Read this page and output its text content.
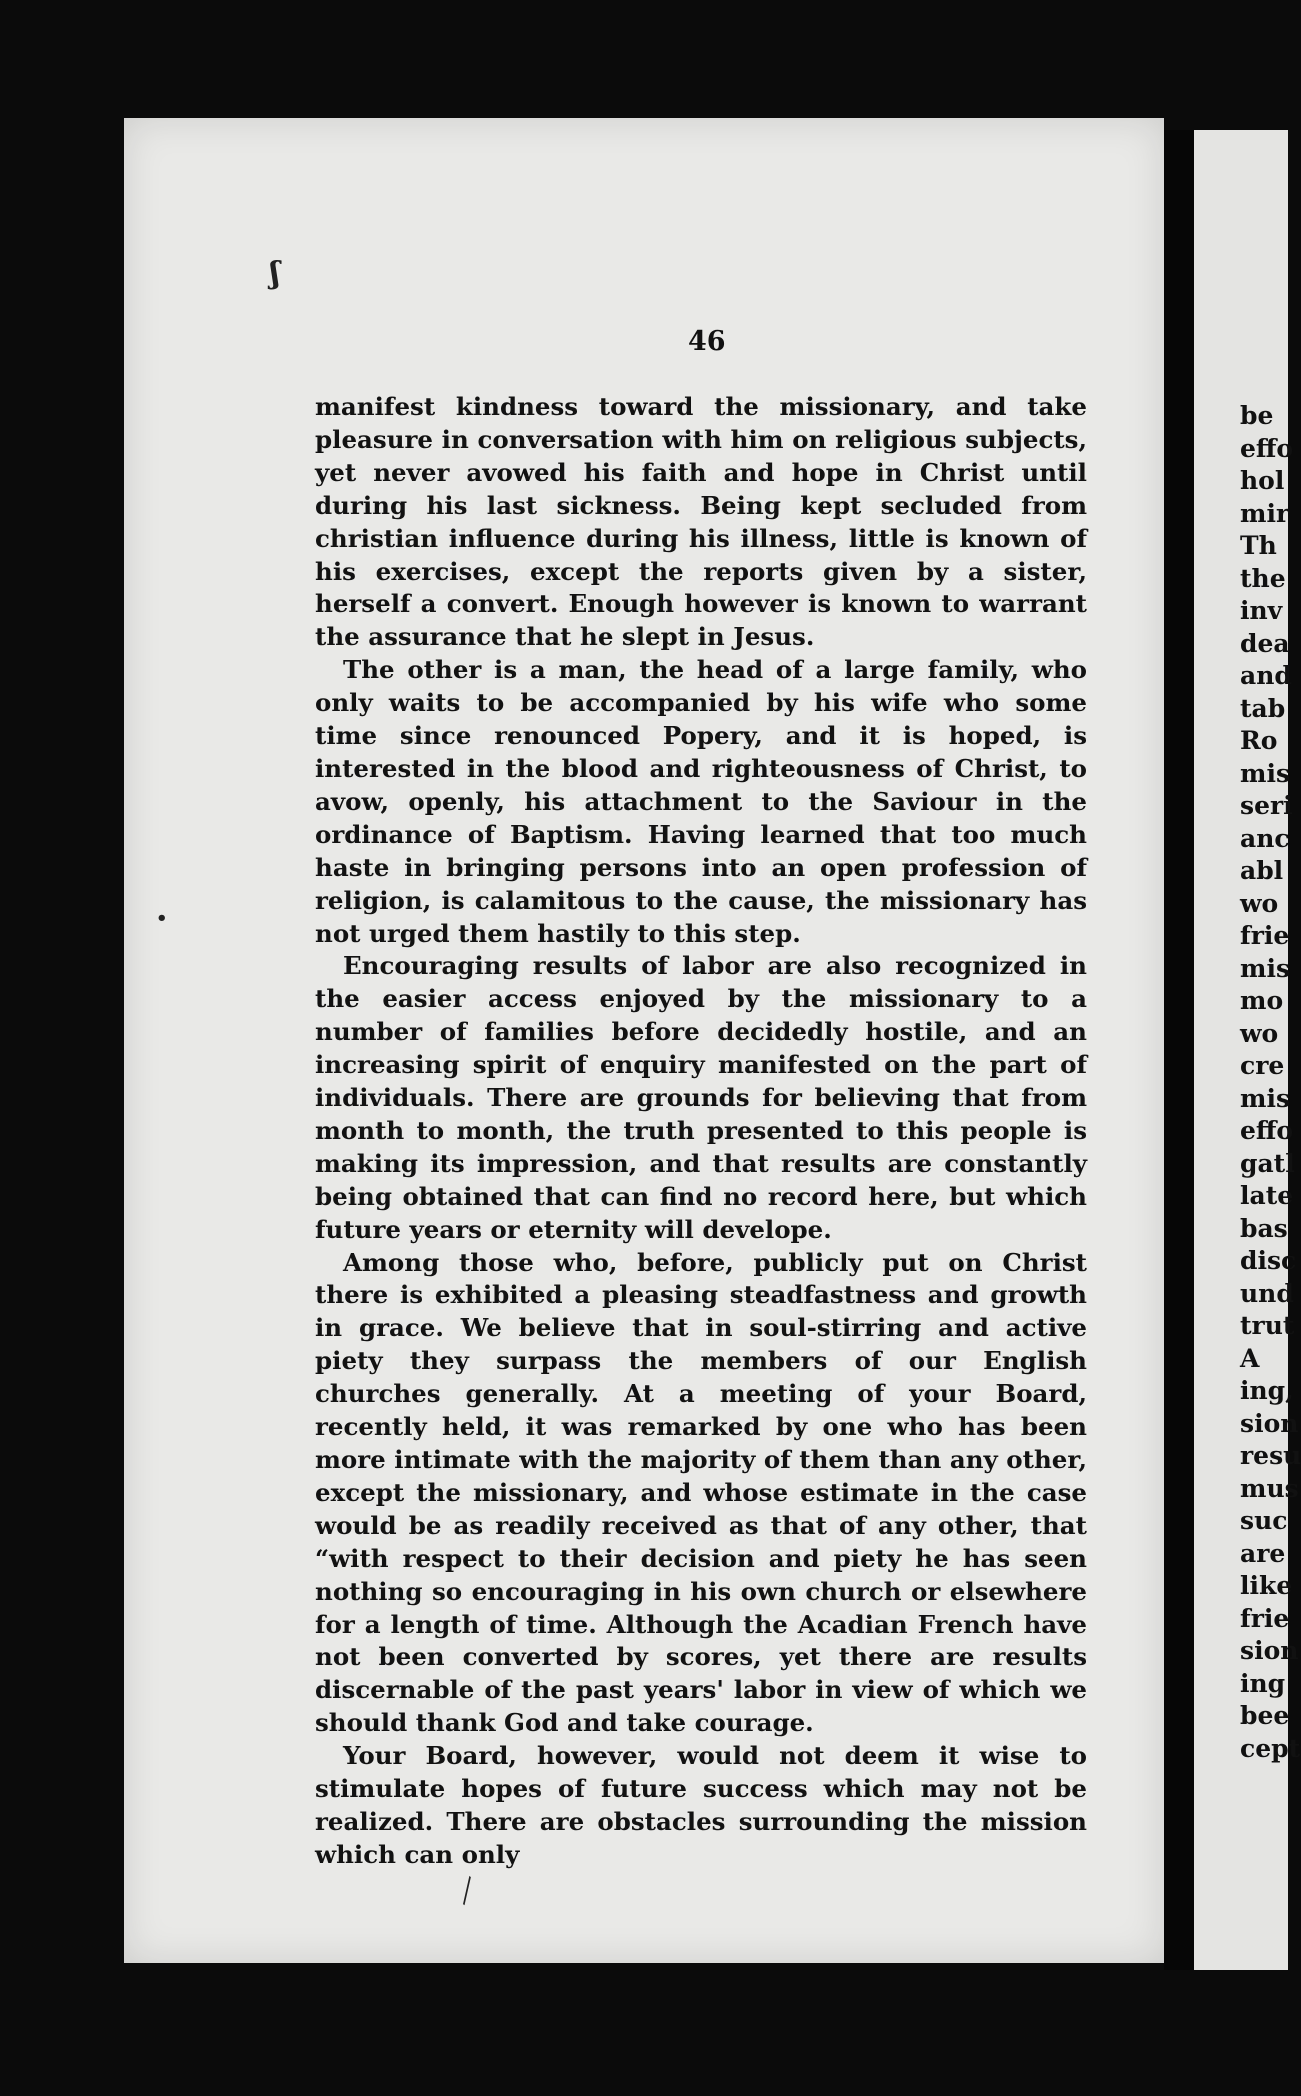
be
effo
hol
mir
Th
the
inv
dea
and
tab
Ro
mis
seri
anc
abl
wo
frie
mis
mo
wo
cre
mis
effo
gatl
late
bas
disc
und
trut
A
ing,
sion
resu
mus
suc
are
like
frie
sion
ing
bee
cept
46

manifest kindness toward the missionary, and take pleasure in conversation with him on religious subjects, yet never avowed his faith and hope in Christ until during his last sickness. Being kept secluded from christian influence during his illness, little is known of his exercises, except the reports given by a sister, herself a convert. Enough however is known to warrant the assurance that he slept in Jesus.

The other is a man, the head of a large family, who only waits to be accompanied by his wife who some time since renounced Popery, and it is hoped, is interested in the blood and righteousness of Christ, to avow, openly, his attachment to the Saviour in the ordinance of Baptism. Having learned that too much haste in bringing persons into an open profession of religion, is calamitous to the cause, the missionary has not urged them hastily to this step.

Encouraging results of labor are also recognized in the easier access enjoyed by the missionary to a number of families before decidedly hostile, and an increasing spirit of enquiry manifested on the part of individuals. There are grounds for believing that from month to month, the truth presented to this people is making its impression, and that results are constantly being obtained that can find no record here, but which future years or eternity will develope.

Among those who, before, publicly put on Christ there is exhibited a pleasing steadfastness and growth in grace. We believe that in soul-stirring and active piety they surpass the members of our English churches generally. At a meeting of your Board, recently held, it was remarked by one who has been more intimate with the majority of them than any other, except the missionary, and whose estimate in the case would be as readily received as that of any other, that “with respect to their decision and piety he has seen nothing so encouraging in his own church or elsewhere for a length of time. Although the Acadian French have not been converted by scores, yet there are results discernable of the past years' labor in view of which we should thank God and take courage.

Your Board, however, would not deem it wise to stimulate hopes of future success which may not be realized. There are obstacles surrounding the mission which can only

ʃ
•
╲
